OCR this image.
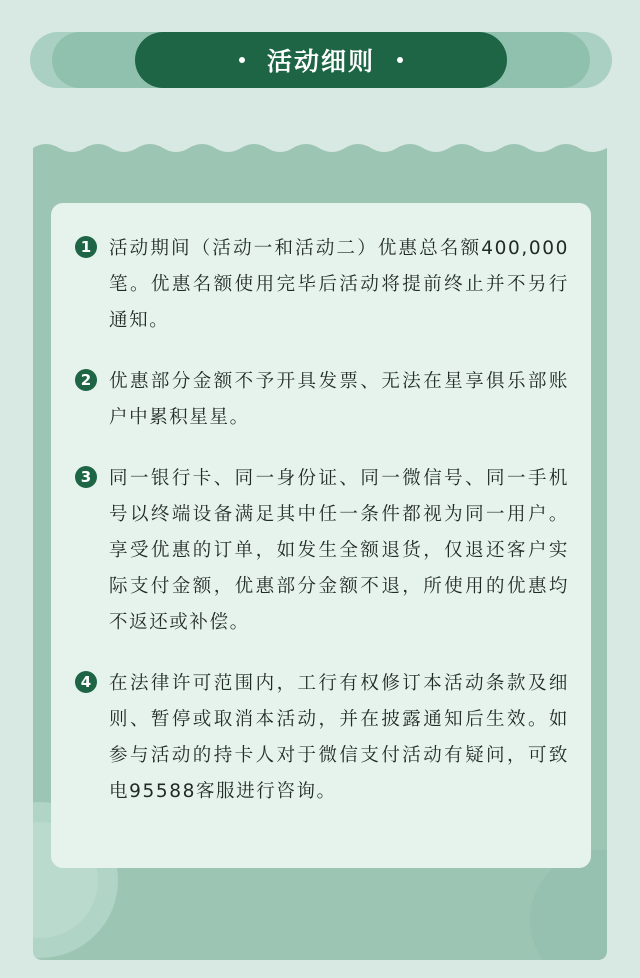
活动细则
1 活动期间（活动一和活动二）优惠总名额400,000笔。优惠名额使用完毕后活动将提前终止并不另行通知。
2 优惠部分金额不予开具发票、无法在星享俱乐部账户中累积星星。
3 同一银行卡、同一身份证、同一微信号、同一手机号以终端设备满足其中任一条件都视为同一用户。享受优惠的订单，如发生全额退货，仅退还客户实际支付金额，优惠部分金额不退，所使用的优惠均不返还或补偿。
4 在法律许可范围内，工行有权修订本活动条款及细则、暂停或取消本活动，并在披露通知后生效。如参与活动的持卡人对于微信支付活动有疑问，可致电95588客服进行咨询。
